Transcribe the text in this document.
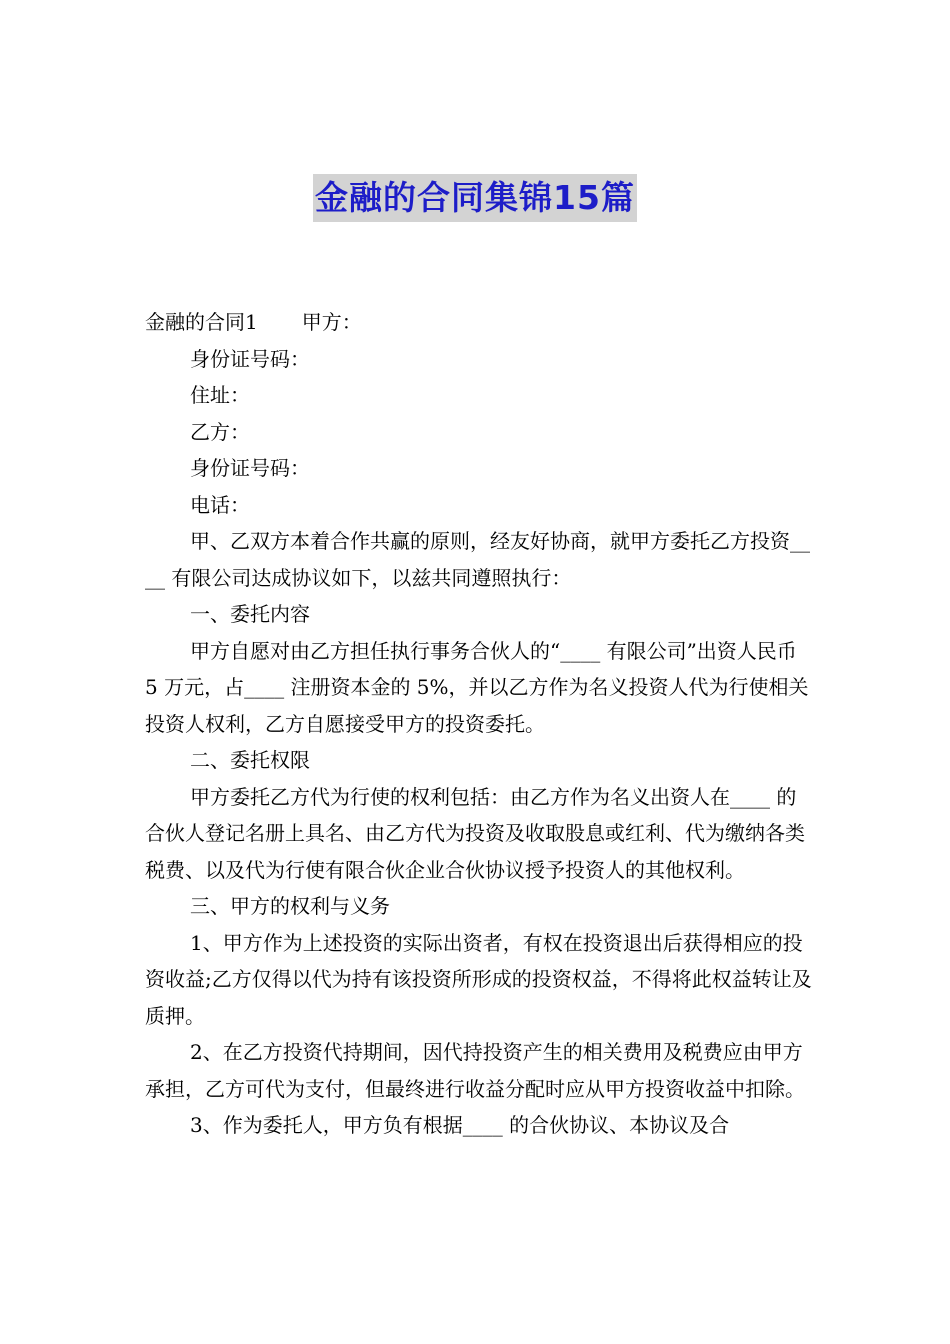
金融的合同集锦15篇

金融的合同1 甲方：

身份证号码：

住址：

乙方：

身份证号码：

电话：

甲、乙双方本着合作共赢的原则，经友好协商，就甲方委托乙方投资____ 有限公司达成协议如下，以兹共同遵照执行：

一、委托内容

甲方自愿对由乙方担任执行事务合伙人的“____ 有限公司”出资人民币 5 万元，占____ 注册资本金的 5%，并以乙方作为名义投资人代为行使相关投资人权利，乙方自愿接受甲方的投资委托。

二、委托权限

甲方委托乙方代为行使的权利包括：由乙方作为名义出资人在____ 的合伙人登记名册上具名、由乙方代为投资及收取股息或红利、代为缴纳各类税费、以及代为行使有限合伙企业合伙协议授予投资人的其他权利。

三、甲方的权利与义务

1、甲方作为上述投资的实际出资者，有权在投资退出后获得相应的投资收益;乙方仅得以代为持有该投资所形成的投资权益，不得将此权益转让及质押。

2、在乙方投资代持期间，因代持投资产生的相关费用及税费应由甲方承担，乙方可代为支付，但最终进行收益分配时应从甲方投资收益中扣除。

3、作为委托人，甲方负有根据____ 的合伙协议、本协议及合
